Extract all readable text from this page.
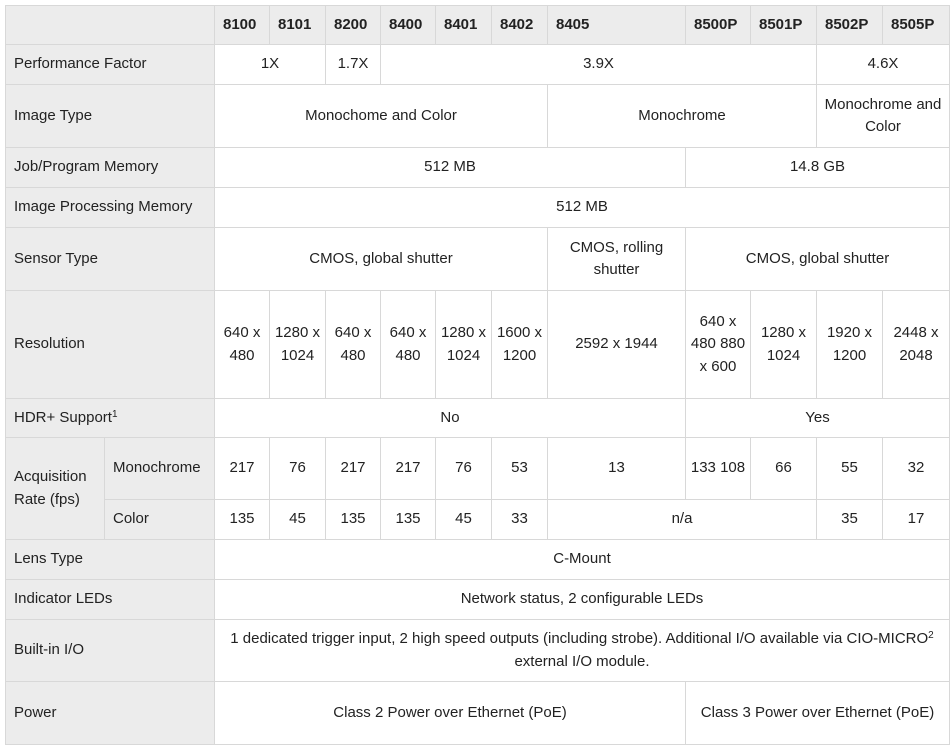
		8100	8101	8200	8400	8401	8402	8405	8500P	8501P	8502P	8505P
Performance Factor		1X		1.7X	3.9X						4.6X	
Image Type		Monochome and Color						Monochrome			Monochrome and Color	
Job/Program Memory		512 MB							14.8 GB			
Image Processing Memory		512 MB										
Sensor Type		CMOS, global shutter						CMOS, rolling shutter	CMOS, global shutter			
Resolution		640 x 480	1280 x 1024	640 x 480	640 x 480	1280 x 1024	1600 x 1200	2592 x 1944	640 x 480 880 x 600	1280 x 1024	1920 x 1200	2448 x 2048
HDR+ Support$^1$		No							Yes			
Acquisition Rate (fps)	Monochrome	217	76	217	217	76	53	13	133 108	66	55	32
	Color	135	45	135	135	45	33	n/a			35	17
Lens Type		C-Mount										
Indicator LEDs		Network status, 2 configurable LEDs										
Built-in I/O		1 dedicated trigger input, 2 high speed outputs (including strobe). Additional I/O available via CIO-MICRO$^2$ external I/O module.										
Power		Class 2 Power over Ethernet (PoE)							Class 3 Power over Ethernet (PoE)			
